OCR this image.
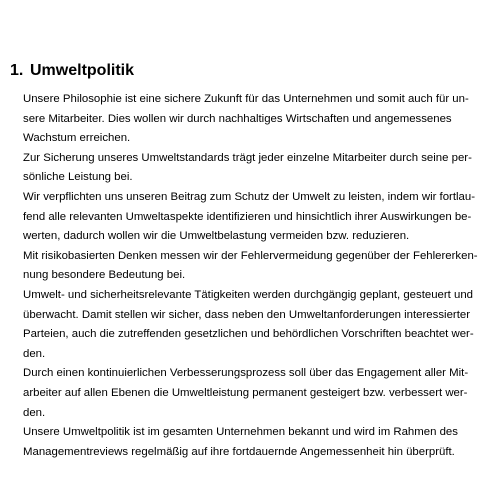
1. Umweltpolitik

Unsere Philosophie ist eine sichere Zukunft für das Unternehmen und somit auch für un-
sere Mitarbeiter. Dies wollen wir durch nachhaltiges Wirtschaften und angemessenes
Wachstum erreichen.

Zur Sicherung unseres Umweltstandards trägt jeder einzelne Mitarbeiter durch seine per-
sönliche Leistung bei.

Wir verpflichten uns unseren Beitrag zum Schutz der Umwelt zu leisten, indem wir fortlau-
fend alle relevanten Umweltaspekte identifizieren und hinsichtlich ihrer Auswirkungen be-
werten, dadurch wollen wir die Umweltbelastung vermeiden bzw. reduzieren.

Mit risikobasierten Denken messen wir der Fehlervermeidung gegenüber der Fehlererken-
nung besondere Bedeutung bei.

Umwelt- und sicherheitsrelevante Tätigkeiten werden durchgängig geplant, gesteuert und
überwacht. Damit stellen wir sicher, dass neben den Umweltanforderungen interessierter
Parteien, auch die zutreffenden gesetzlichen und behördlichen Vorschriften beachtet wer-
den.

Durch einen kontinuierlichen Verbesserungsprozess soll über das Engagement aller Mit-
arbeiter auf allen Ebenen die Umweltleistung permanent gesteigert bzw. verbessert wer-
den.

Unsere Umweltpolitik ist im gesamten Unternehmen bekannt und wird im Rahmen des
Managementreviews regelmäßig auf ihre fortdauernde Angemessenheit hin überprüft.
